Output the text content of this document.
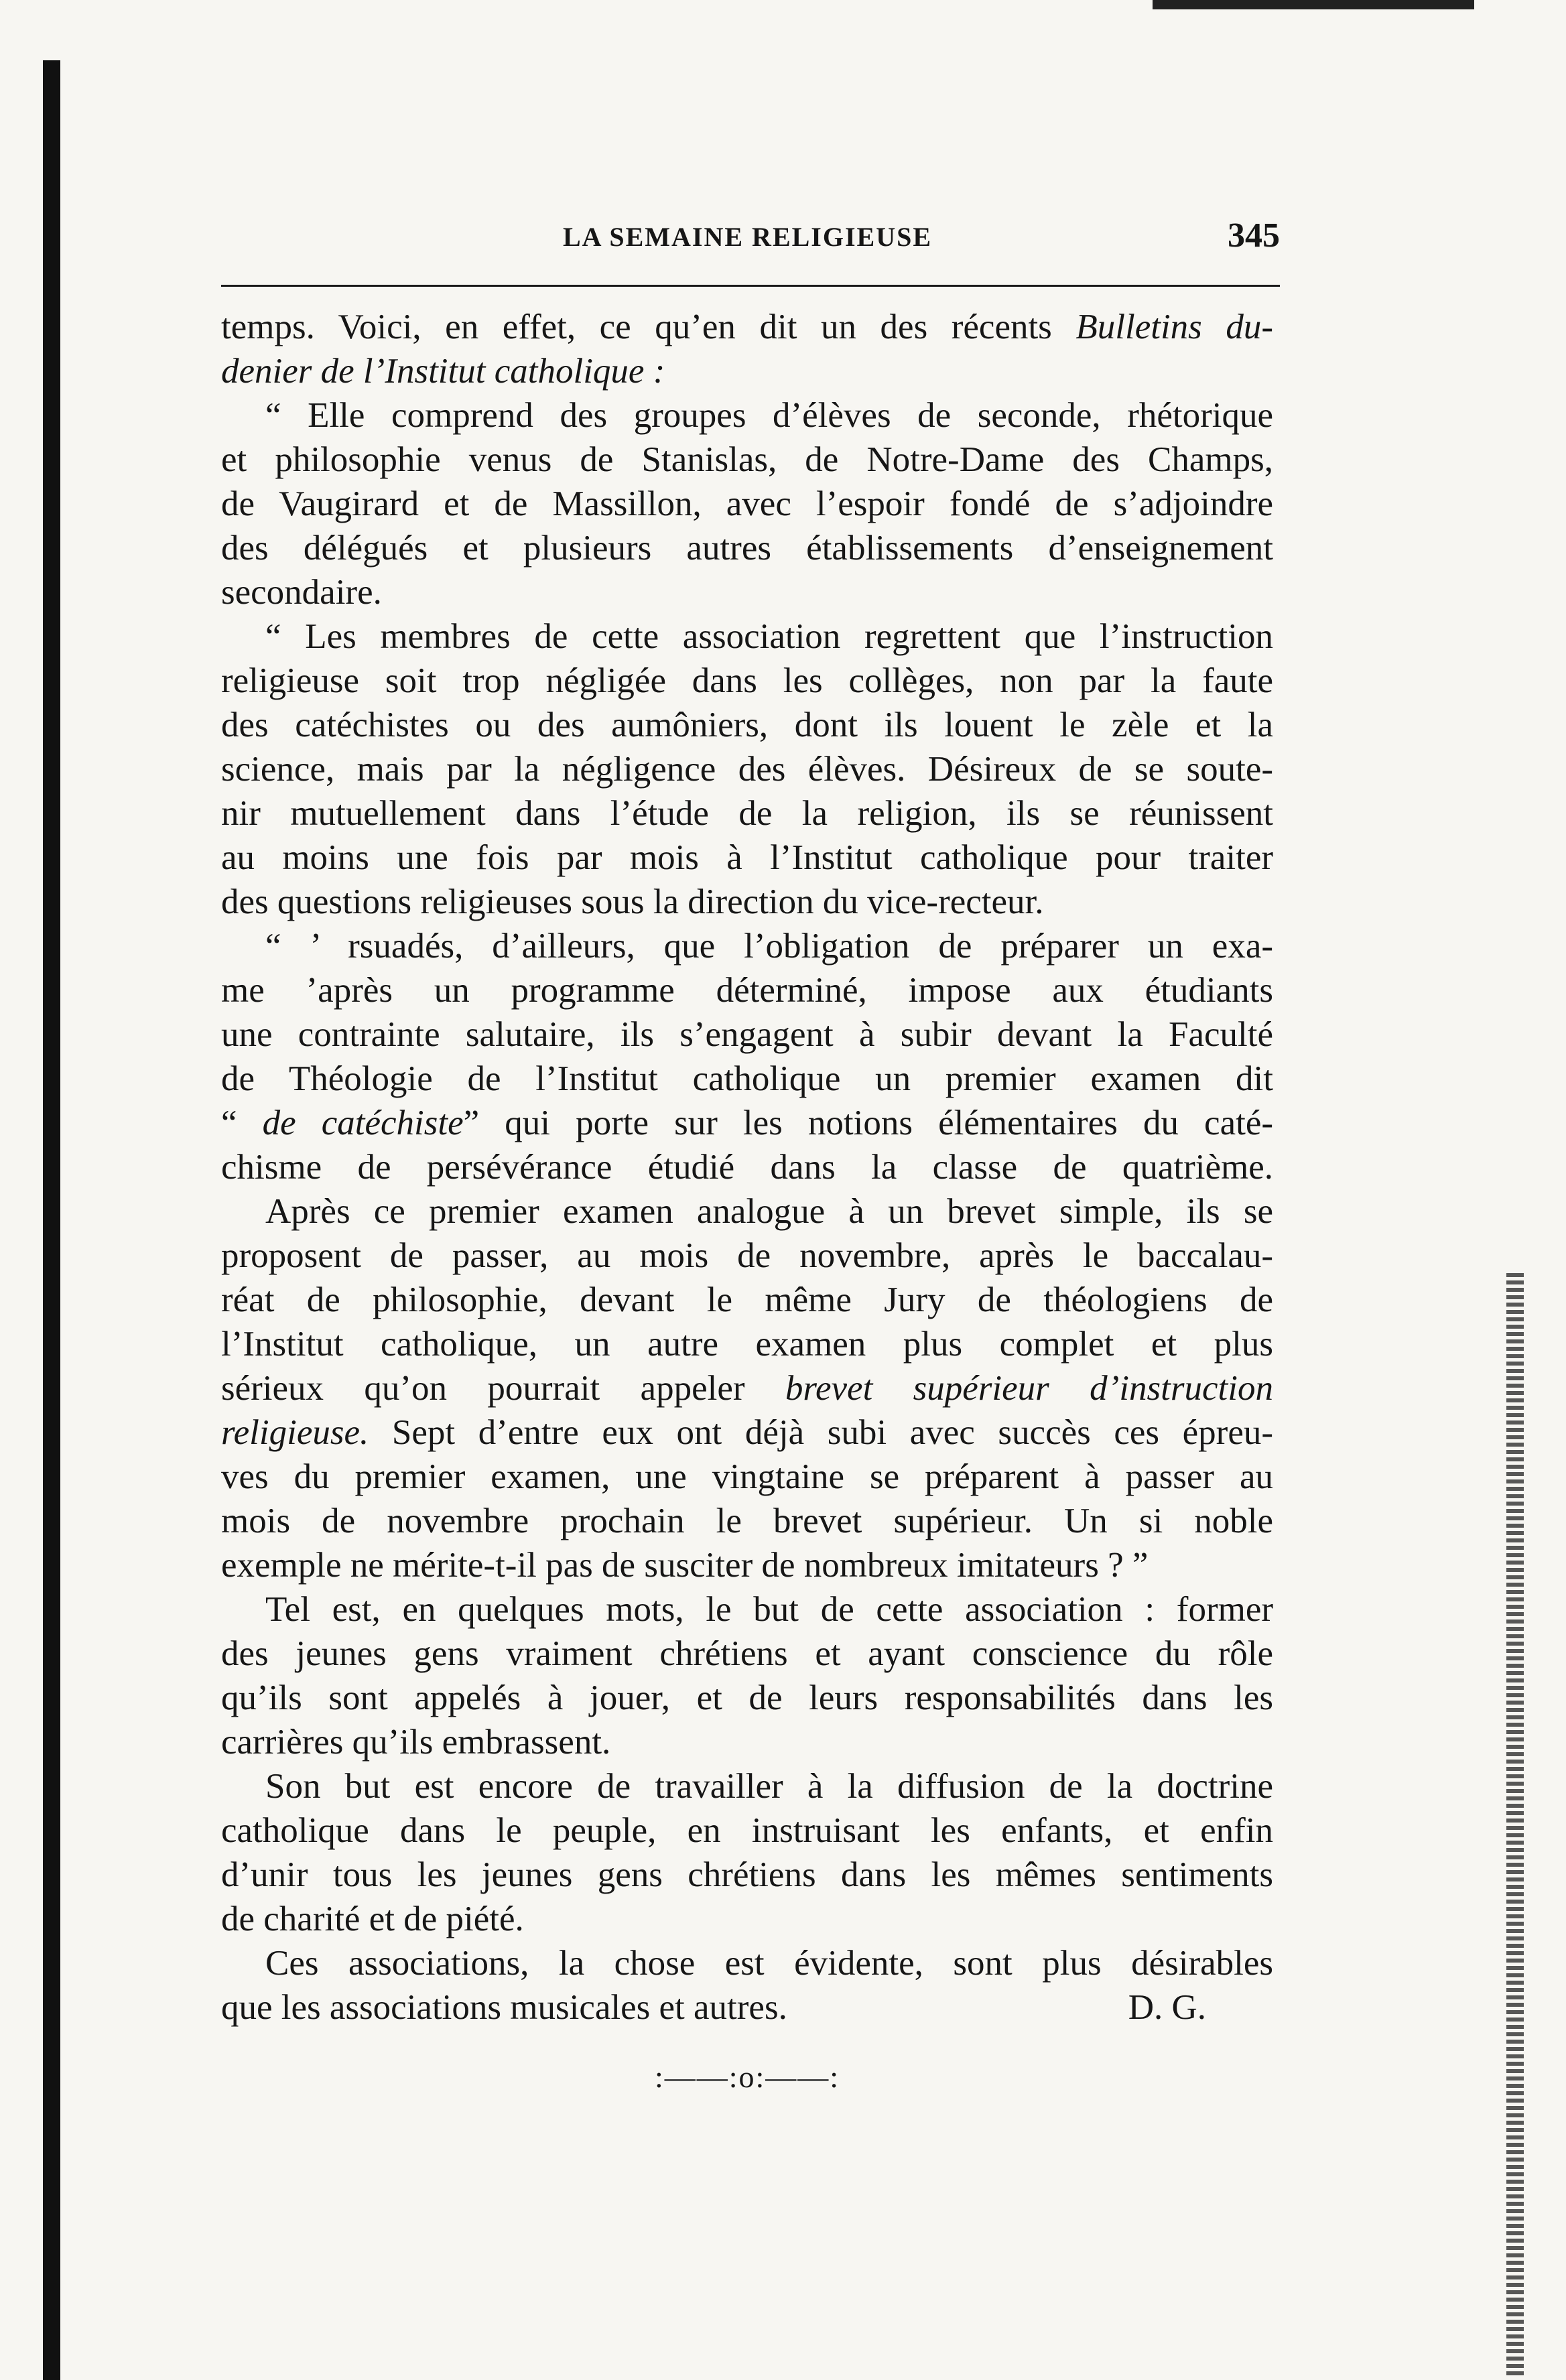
LA SEMAINE RELIGIEUSE	345
temps. Voici, en effet, ce qu’en dit un des récents Bulletins du-
denier de l’Institut catholique :
“ Elle comprend des groupes d’élèves de seconde, rhétorique
et philosophie venus de Stanislas, de Notre-Dame des Champs,
de Vaugirard et de Massillon, avec l’espoir fondé de s’adjoindre
des délégués et plusieurs autres établissements d’enseignement
secondaire.
“ Les membres de cette association regrettent que l’instruction
religieuse soit trop négligée dans les collèges, non par la faute
des catéchistes ou des aumôniers, dont ils louent le zèle et la
science, mais par la négligence des élèves. Désireux de se soute-
nir mutuellement dans l’étude de la religion, ils se réunissent
au moins une fois par mois à l’Institut catholique pour traiter
des questions religieuses sous la direction du vice-recteur.
“ ’ rsuadés, d’ailleurs, que l’obligation de préparer un exa-
me ’après un programme déterminé, impose aux étudiants
une contrainte salutaire, ils s’engagent à subir devant la Faculté
de Théologie de l’Institut catholique un premier examen dit
“ de catéchiste” qui porte sur les notions élémentaires du caté-
chisme de persévérance étudié dans la classe de quatrième.
Après ce premier examen analogue à un brevet simple, ils se
proposent de passer, au mois de novembre, après le baccalau-
réat de philosophie, devant le même Jury de théologiens de
l’Institut catholique, un autre examen plus complet et plus
sérieux qu’on pourrait appeler brevet supérieur d’instruction
religieuse. Sept d’entre eux ont déjà subi avec succès ces épreu-
ves du premier examen, une vingtaine se préparent à passer au
mois de novembre prochain le brevet supérieur. Un si noble
exemple ne mérite-t-il pas de susciter de nombreux imitateurs ? ”
Tel est, en quelques mots, le but de cette association : former
des jeunes gens vraiment chrétiens et ayant conscience du rôle
qu’ils sont appelés à jouer, et de leurs responsabilités dans les
carrières qu’ils embrassent.
Son but est encore de travailler à la diffusion de la doctrine
catholique dans le peuple, en instruisant les enfants, et enfin
d’unir tous les jeunes gens chrétiens dans les mêmes sentiments
de charité et de piété.
Ces associations, la chose est évidente, sont plus désirables
que les associations musicales et autres.	D. G.
:——:o:——:
